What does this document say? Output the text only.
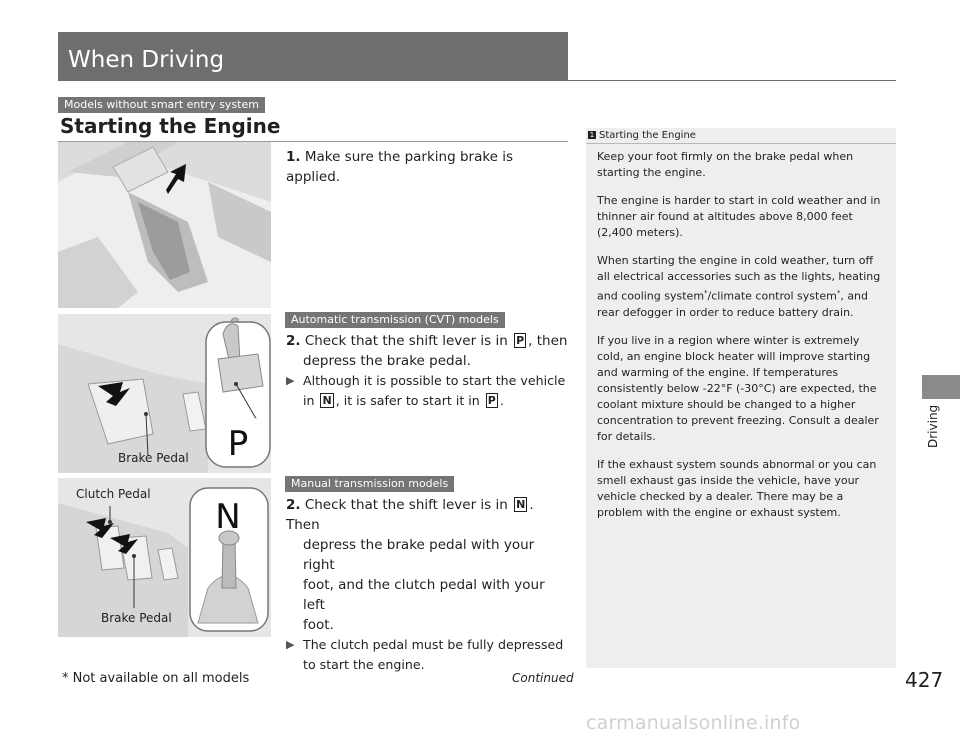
When Driving
Models without smart entry system
Starting the Engine
1. Make sure the parking brake is applied.
Automatic transmission (CVT) models
P
Brake Pedal
2. Check that the shift lever is in P , then
depress the brake pedal.
▶ Although it is possible to start the vehicle
in N , it is safer to start it in P .
Manual transmission models
N
Clutch Pedal
Brake Pedal
2. Check that the shift lever is in N . Then
depress the brake pedal with your right
foot, and the clutch pedal with your left
foot.
▶ The clutch pedal must be fully depressed
to start the engine.
1 Starting the Engine

Keep your foot firmly on the brake pedal when starting the engine.

The engine is harder to start in cold weather and in thinner air found at altitudes above 8,000 feet (2,400 meters).

When starting the engine in cold weather, turn off all electrical accessories such as the lights, heating and cooling system*/climate control system*, and rear defogger in order to reduce battery drain.

If you live in a region where winter is extremely cold, an engine block heater will improve starting and warming of the engine. If temperatures consistently below -22°F (-30°C) are expected, the coolant mixture should be changed to a higher concentration to prevent freezing. Consult a dealer for details.

If the exhaust system sounds abnormal or you can smell exhaust gas inside the vehicle, have your vehicle checked by a dealer. There may be a problem with the engine or exhaust system.

Driving
* Not available on all models	Continued	427
carmanualsonline.info
